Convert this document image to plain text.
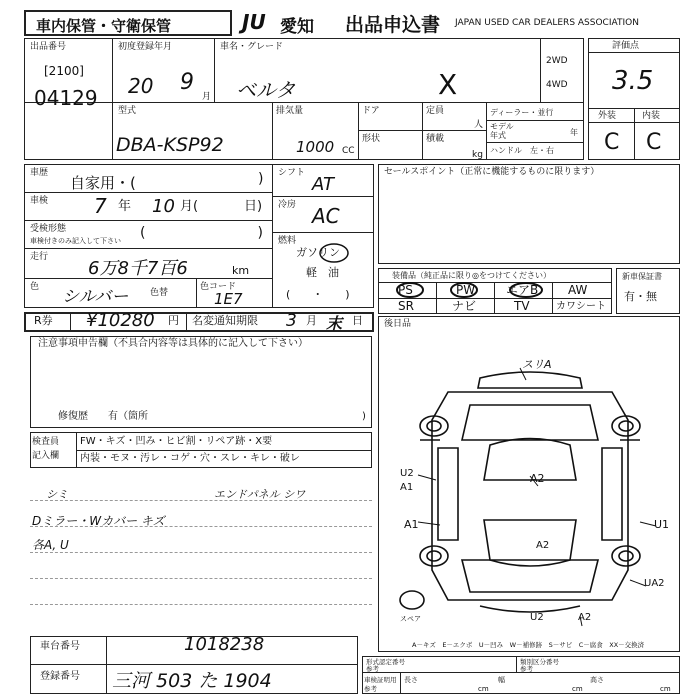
車内保管・守衛保管	JU 愛知 出品申込書 JAPAN USED CAR DEALERS ASSOCIATION
出品番号
[2100]
04129
初度登録年月
20 9
月
車名・グレード
ベルタ	X
2WD
4WD
型式
DBA-KSP92
排気量
1000 CC
ドア	定員
人
形状	積載
kg
ディーラー・並行
モデル
年式	年
ハンドル　左・右
評価点
3.5
外装	内装
C C
車歴
自家用・(	)
車検 7 年 10 月(	日)
受検形態
車検付きのみ記入して下さい (　　　　　　　　)
走行
6万8千7百6	km
色 シルバー 色替
色コード
1E7
シフト
AT
冷房 AC
燃料
ガソリン
軽　油
(　　・　　)
セールスポイント（正常に機能するものに限ります）
装備品（純正品に限り◎をつけてください）
PS	PW	エアB AW
SR	ナビ	TV	カワシート
新車保証書
有・無
R券 ¥10280 円 名変通知期限 3 月 末 日 後日品
注意事項申告欄（不具合内容等は具体的に記入して下さい）
修復歴　　有（箇所	)
検査員
記入欄
FW・キズ・凹み・ヒビ割・リペア跡・X要
内装・モヌ・汚レ・コゲ・穴・スレ・キレ・破レ
シミ	エンドパネル シワ
Dミラー・Wカバー キズ
各A, U
スリA
A2
U2
A1
A1
A2
U1
UA2
U2	A2
スペア
A－キズ　E－エクボ　U－凹み　W－補修跡　S－サビ　C－腐食　XX－交換済
車台番号	1018238
登録番号 三河 503 た 1904
形式認定番号
参考
類別区分番号
参考
車検証明用
参考
長さ
cm
幅
cm
高さ
cm
